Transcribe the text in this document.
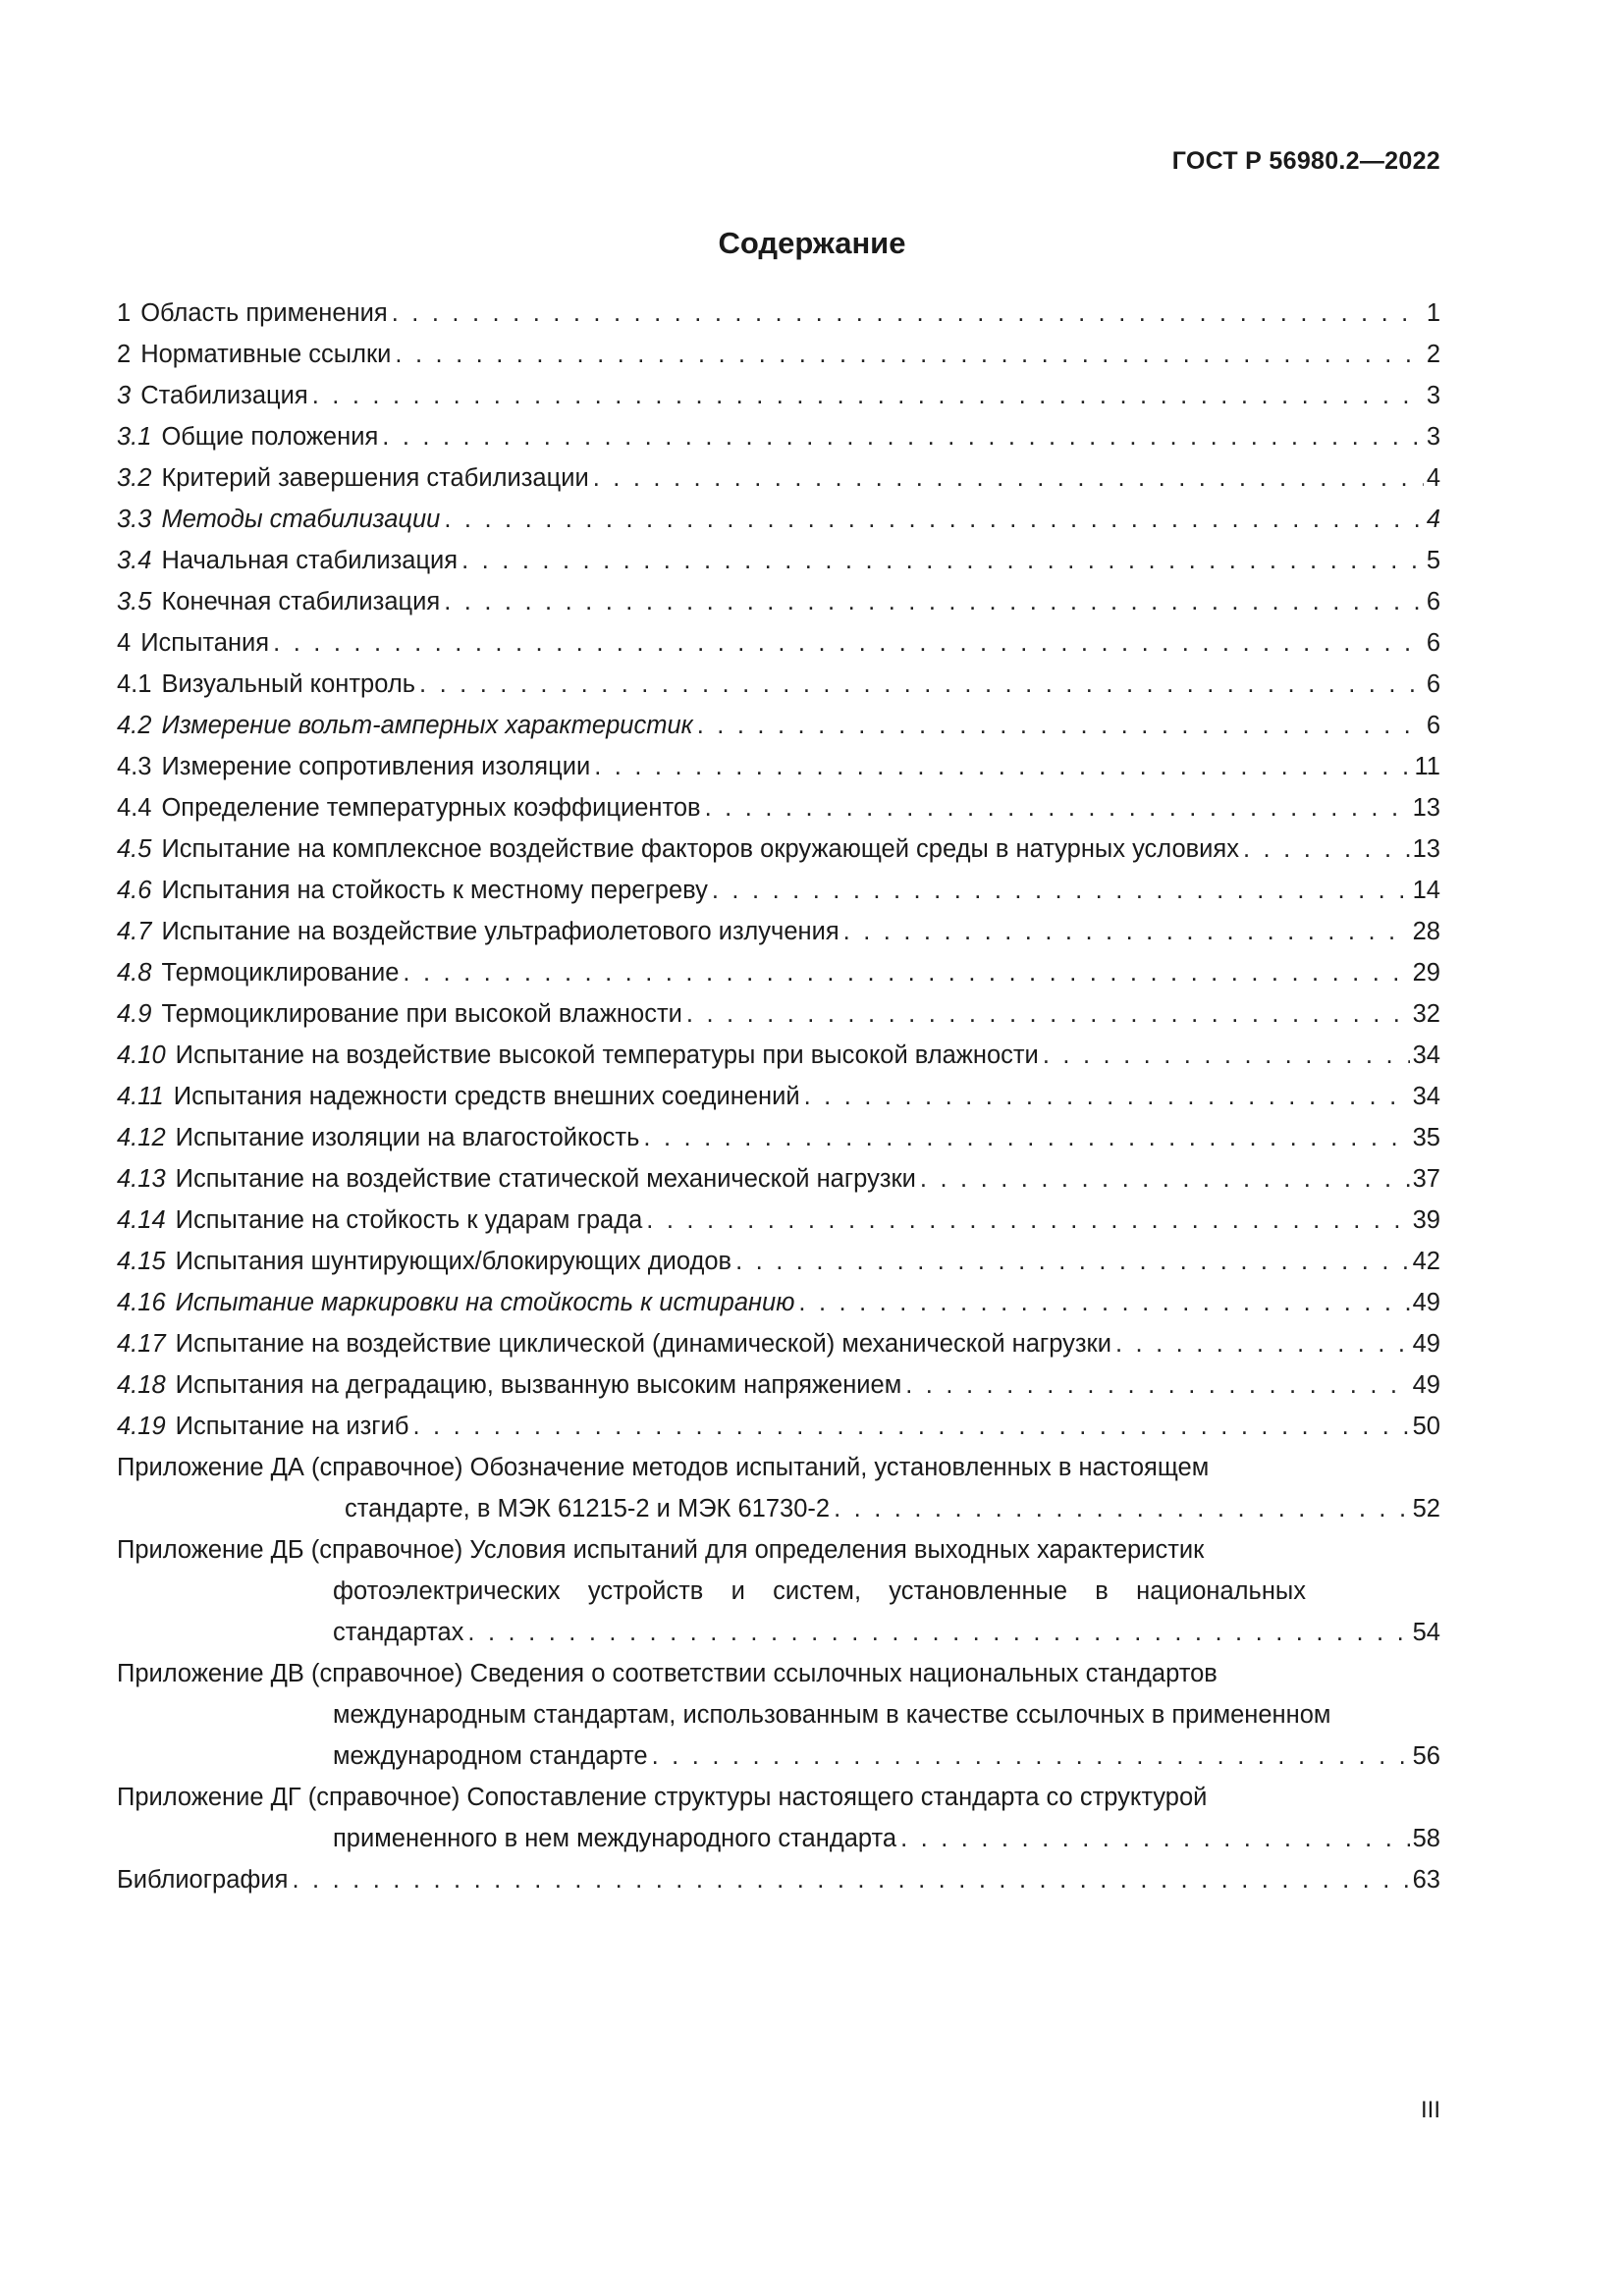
ГОСТ Р 56980.2—2022
Содержание
1 Область применения . . .	1
2 Нормативные ссылки . . .	2
3 Стабилизация . . .	3
3.1 Общие положения . . .	3
3.2 Критерий завершения стабилизации . . .	4
3.3 Методы стабилизации . . .	4
3.4 Начальная стабилизация . . .	5
3.5 Конечная стабилизация . . .	6
4 Испытания . . .	6
4.1 Визуальный контроль . . .	6
4.2 Измерение вольт-амперных характеристик . . .	6
4.3 Измерение сопротивления изоляции . . .	11
4.4 Определение температурных коэффициентов . . .	13
4.5 Испытание на комплексное воздействие факторов окружающей среды в натурных условиях . . .	13
4.6 Испытания на стойкость к местному перегреву . . .	14
4.7 Испытание на воздействие ультрафиолетового излучения . . .	28
4.8 Термоциклирование . . .	29
4.9 Термоциклирование при высокой влажности . . .	32
4.10 Испытание на воздействие высокой температуры при высокой влажности . . .	34
4.11 Испытания надежности средств внешних соединений . . .	34
4.12 Испытание изоляции на влагостойкость . . .	35
4.13 Испытание на воздействие статической механической нагрузки . . .	37
4.14 Испытание на стойкость к ударам града . . .	39
4.15 Испытания шунтирующих/блокирующих диодов . . .	42
4.16 Испытание маркировки на стойкость к истиранию . . .	49
4.17 Испытание на воздействие циклической (динамической) механической нагрузки . . .	49
4.18 Испытания на деградацию, вызванную высоким напряжением . . .	49
4.19 Испытание на изгиб . . .	50
Приложение ДА (справочное) Обозначение методов испытаний, установленных в настоящем
стандарте, в МЭК 61215-2 и МЭК 61730-2 . . .	52
Приложение ДБ (справочное) Условия испытаний для определения выходных характеристик
фотоэлектрических устройств и систем, установленные в национальных
стандартах . . .	54
Приложение ДВ (справочное) Сведения о соответствии ссылочных национальных стандартов
международным стандартам, использованным в качестве ссылочных в примененном
международном стандарте . . .	56
Приложение ДГ (справочное) Сопоставление структуры настоящего стандарта со структурой
примененного в нем международного стандарта . . .	58
Библиография . . .	63
III
